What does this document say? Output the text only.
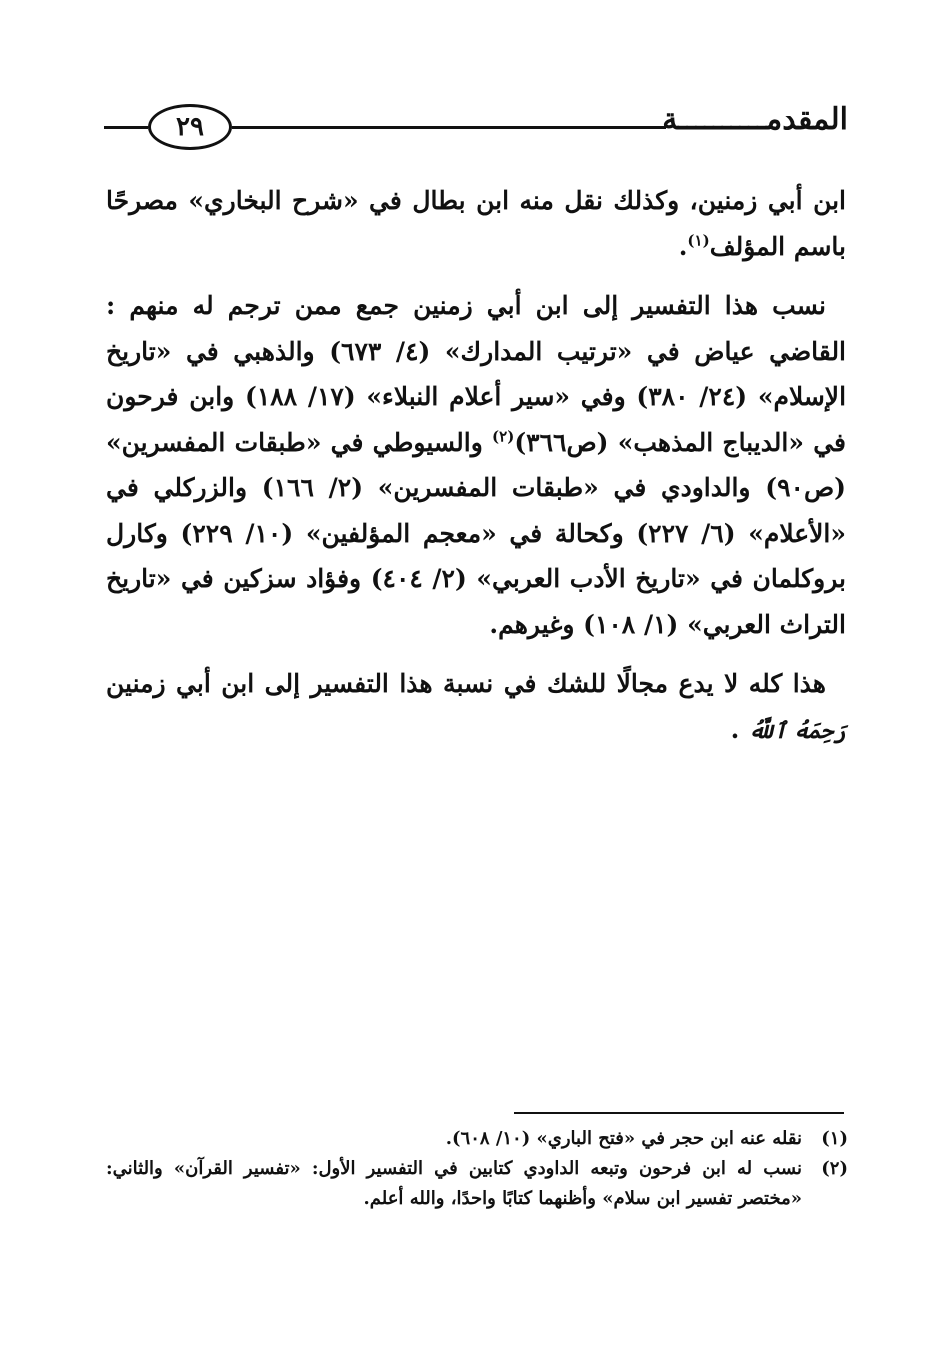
٢٩	المقدمــــــــــة

ابن أبي زمنين، وكذلك نقل منه ابن بطال في «شرح البخاري» مصرحًا باسم المؤلف$^{(١)}$.

نسب هذا التفسير إلى ابن أبي زمنين جمع ممن ترجم له منهم : القاضي عياض في «ترتيب المدارك» (٤/ ٦٧٣) والذهبي في «تاريخ الإسلام» (٢٤/ ٣٨٠) وفي «سير أعلام النبلاء» (١٧/ ١٨٨) وابن فرحون في «الديباج المذهب» (ص٣٦٦)$^{(٢)}$ والسيوطي في «طبقات المفسرين» (ص٩٠) والداودي في «طبقات المفسرين» (٢/ ١٦٦) والزركلي في «الأعلام» (٦/ ٢٢٧) وكحالة في «معجم المؤلفين» (١٠/ ٢٢٩) وكارل بروكلمان في «تاريخ الأدب العربي» (٢/ ٤٠٤) وفؤاد سزكين في «تاريخ التراث العربي» (١/ ١٠٨) وغيرهم.

هذا كله لا يدع مجالًا للشك في نسبة هذا التفسير إلى ابن أبي زمنين رَحِمَهُ ٱللَّهُ .

(١)
نقله عنه ابن حجر في «فتح الباري» (١٠/ ٦٠٨).
(٢)
نسب له ابن فرحون وتبعه الداودي كتابين في التفسير الأول: «تفسير القرآن» والثاني: «مختصر تفسير ابن سلام» وأظنهما كتابًا واحدًا، والله أعلم.
